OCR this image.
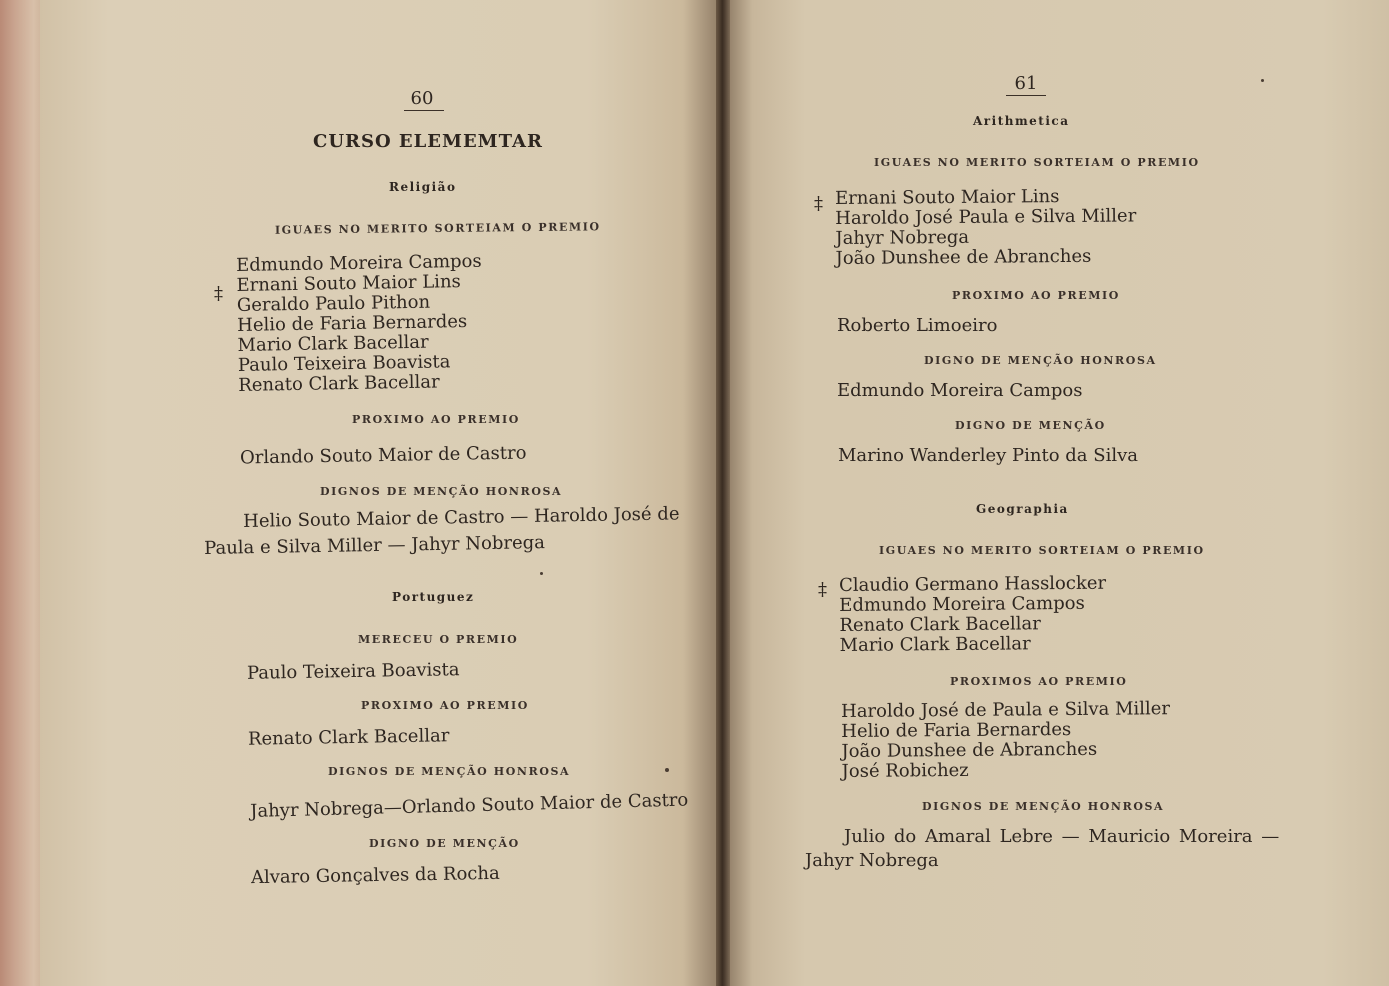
60
CURSO ELEMEMTAR
Religião
IGUAES NO MERITO SORTEIAM O PREMIO
‡
Edmundo Moreira Campos
Ernani Souto Maior Lins
Geraldo Paulo Pithon
Helio de Faria Bernardes
Mario Clark Bacellar
Paulo Teixeira Boavista
Renato Clark Bacellar
PROXIMO AO PREMIO
Orlando Souto Maior de Castro
DIGNOS DE MENÇÃO HONROSA
Helio Souto Maior de Castro — Haroldo José de
Paula e Silva Miller — Jahyr Nobrega
Portuguez
MERECEU O PREMIO
Paulo Teixeira Boavista
PROXIMO AO PREMIO
Renato Clark Bacellar
DIGNOS DE MENÇÃO HONROSA
Jahyr Nobrega—Orlando Souto Maior de Castro
DIGNO DE MENÇÃO
Alvaro Gonçalves da Rocha
61
Arithmetica
IGUAES NO MERITO SORTEIAM O PREMIO
‡ Ernani Souto Maior Lins
Haroldo José Paula e Silva Miller
Jahyr Nobrega
João Dunshee de Abranches
PROXIMO AO PREMIO
Roberto Limoeiro
DIGNO DE MENÇÃO HONROSA
Edmundo Moreira Campos
DIGNO DE MENÇÃO
Marino Wanderley Pinto da Silva
Geographia
IGUAES NO MERITO SORTEIAM O PREMIO
‡ Claudio Germano Hasslocker
Edmundo Moreira Campos
Renato Clark Bacellar
Mario Clark Bacellar
PROXIMOS AO PREMIO
Haroldo José de Paula e Silva Miller
Helio de Faria Bernardes
João Dunshee de Abranches
José Robichez
DIGNOS DE MENÇÃO HONROSA
Julio do Amaral Lebre — Mauricio Moreira —
Jahyr Nobrega
